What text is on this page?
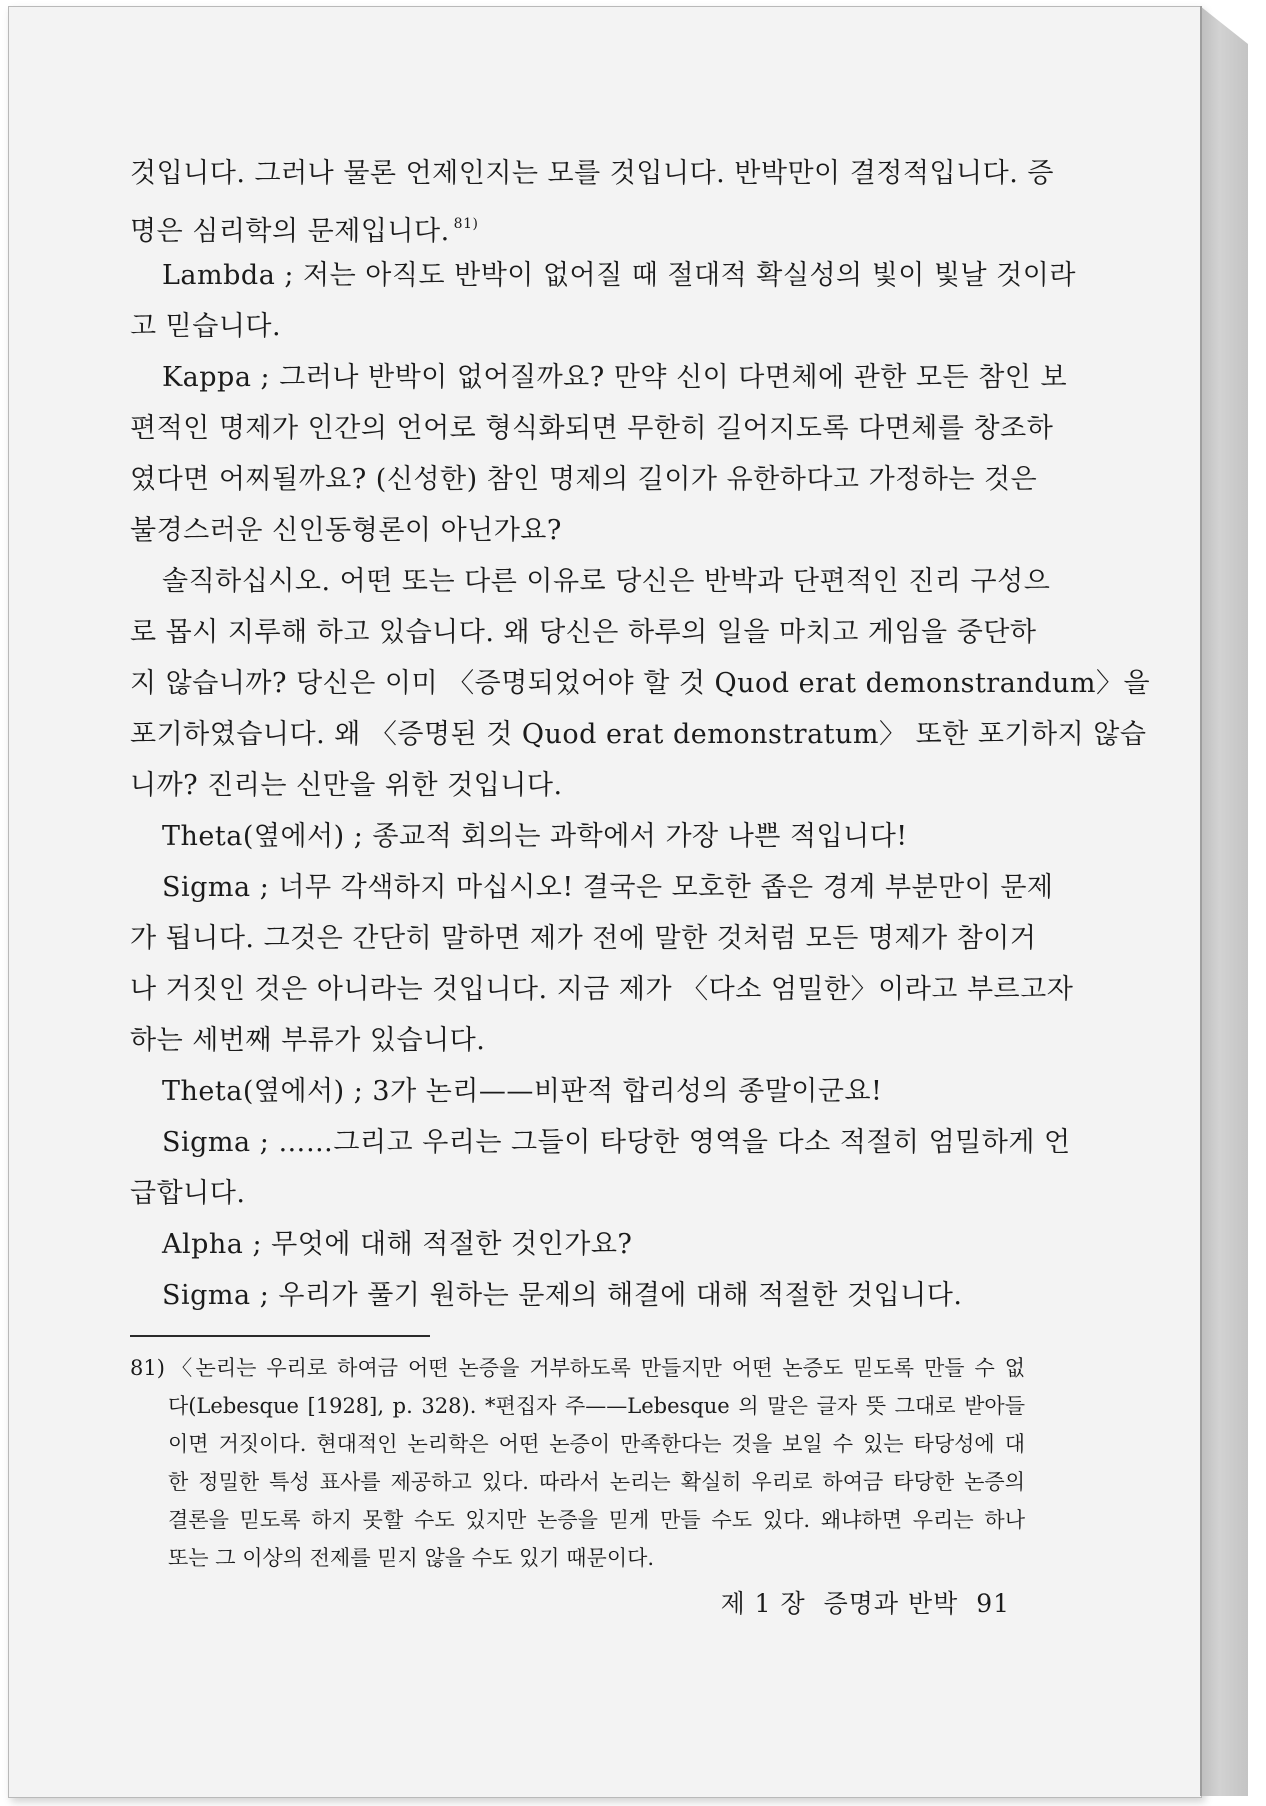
것입니다. 그러나 물론 언제인지는 모를 것입니다. 반박만이 결정적입니다. 증
명은 심리학의 문제입니다. $^{81)}$
Lambda ; 저는 아직도 반박이 없어질 때 절대적 확실성의 빛이 빛날 것이라
고 믿습니다.
Kappa ; 그러나 반박이 없어질까요? 만약 신이 다면체에 관한 모든 참인 보
편적인 명제가 인간의 언어로 형식화되면 무한히 길어지도록 다면체를 창조하
였다면 어찌될까요? (신성한) 참인 명제의 길이가 유한하다고 가정하는 것은
불경스러운 신인동형론이 아닌가요?
솔직하십시오. 어떤 또는 다른 이유로 당신은 반박과 단편적인 진리 구성으
로 몹시 지루해 하고 있습니다. 왜 당신은 하루의 일을 마치고 게임을 중단하
지 않습니까? 당신은 이미 〈증명되었어야 할 것 Quod erat demonstrandum〉을
포기하였습니다. 왜 〈증명된 것 Quod erat demonstratum〉 또한 포기하지 않습
니까? 진리는 신만을 위한 것입니다.
Theta(옆에서) ; 종교적 회의는 과학에서 가장 나쁜 적입니다!
Sigma ; 너무 각색하지 마십시오! 결국은 모호한 좁은 경계 부분만이 문제
가 됩니다. 그것은 간단히 말하면 제가 전에 말한 것처럼 모든 명제가 참이거
나 거짓인 것은 아니라는 것입니다. 지금 제가 〈다소 엄밀한〉이라고 부르고자
하는 세번째 부류가 있습니다.
Theta(옆에서) ; 3가 논리——비판적 합리성의 종말이군요!
Sigma ; ……그리고 우리는 그들이 타당한 영역을 다소 적절히 엄밀하게 언
급합니다.
Alpha ; 무엇에 대해 적절한 것인가요?
Sigma ; 우리가 풀기 원하는 문제의 해결에 대해 적절한 것입니다.
81) 〈논리는 우리로 하여금 어떤 논증을 거부하도록 만들지만 어떤 논증도 믿도록 만들 수 없
다(Lebesque [1928], p. 328). *편집자 주——Lebesque 의 말은 글자 뜻 그대로 받아들
이면 거짓이다. 현대적인 논리학은 어떤 논증이 만족한다는 것을 보일 수 있는 타당성에 대
한 정밀한 특성 표사를 제공하고 있다. 따라서 논리는 확실히 우리로 하여금 타당한 논증의
결론을 믿도록 하지 못할 수도 있지만 논증을 믿게 만들 수도 있다. 왜냐하면 우리는 하나
또는 그 이상의 전제를 믿지 않을 수도 있기 때문이다.
제 1 장 증명과 반박 91
